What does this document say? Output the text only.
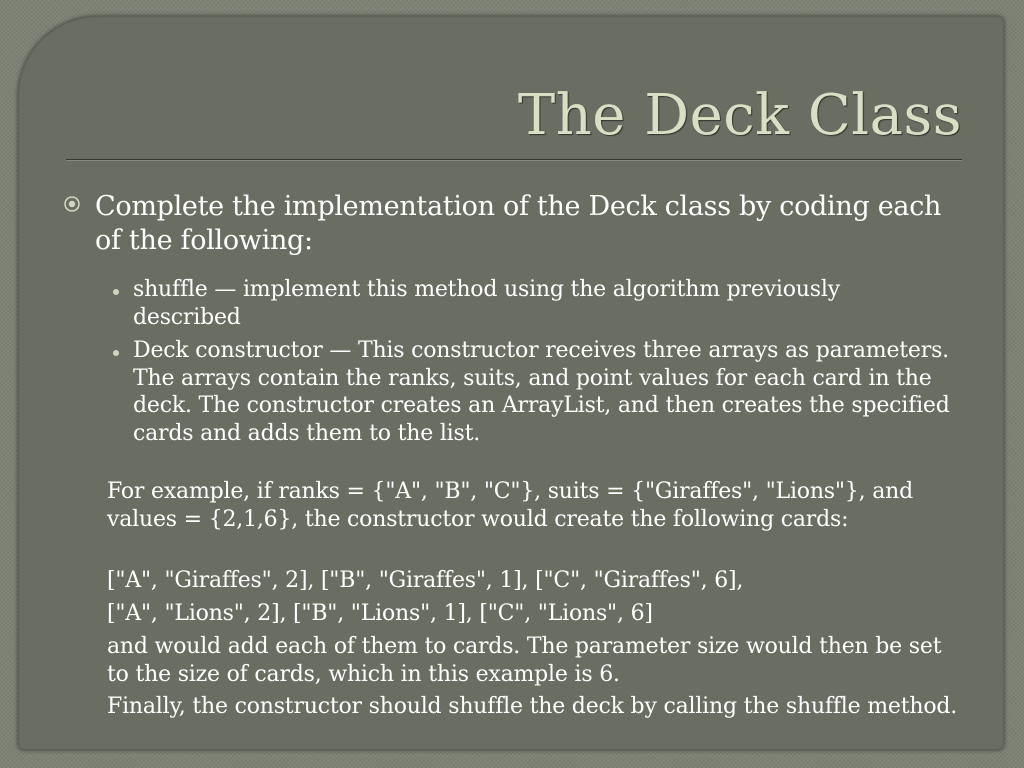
The Deck Class
Complete the implementation of the Deck class by coding each of the following:
shuffle — implement this method using the algorithm previously described
Deck constructor — This constructor receives three arrays as parameters. The arrays contain the ranks, suits, and point values for each card in the deck. The constructor creates an ArrayList, and then creates the specified cards and adds them to the list.
For example, if ranks = {"A", "B", "C"}, suits = {"Giraffes", "Lions"}, and values = {2,1,6}, the constructor would create the following cards:
["A", "Giraffes", 2], ["B", "Giraffes", 1], ["C", "Giraffes", 6],
["A", "Lions", 2], ["B", "Lions", 1], ["C", "Lions", 6]
and would add each of them to cards. The parameter size would then be set to the size of cards, which in this example is 6.
Finally, the constructor should shuffle the deck by calling the shuffle method.
